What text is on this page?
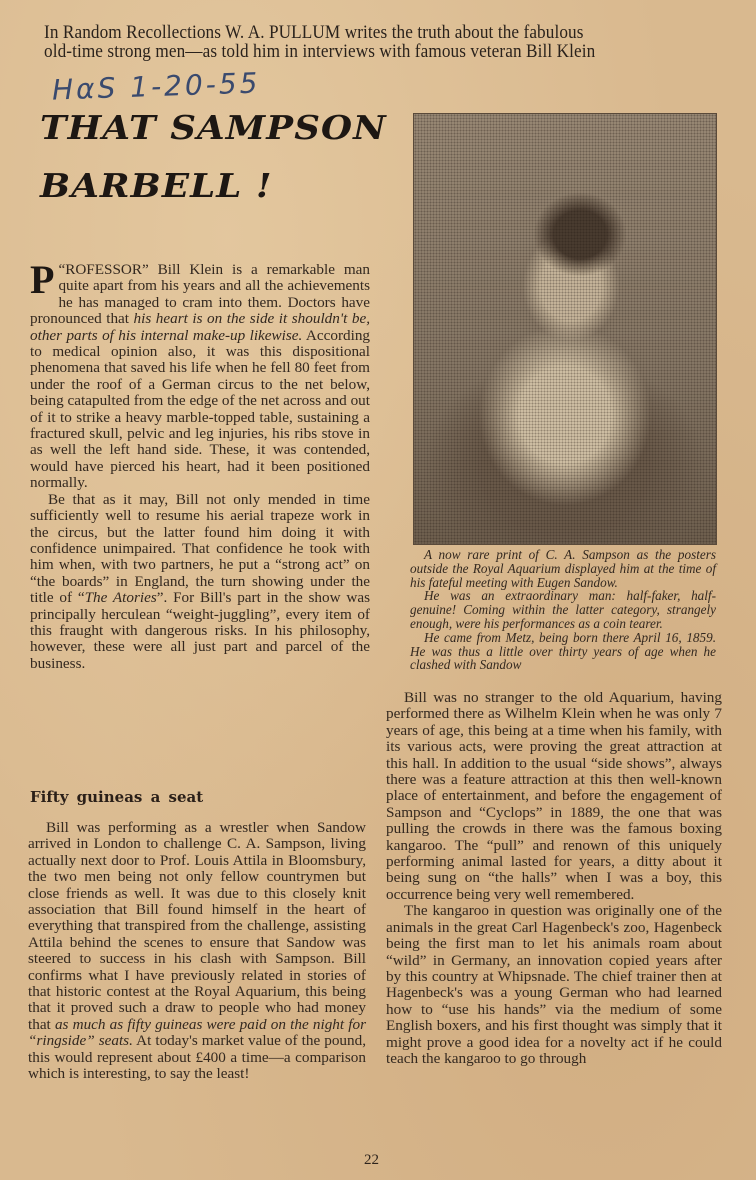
In Random Recollections W. A. PULLUM writes the truth about the fabulous
old-time strong men—as told him in interviews with famous veteran Bill Klein
HαS 1-20-55
THAT SAMPSON
BARBELL !

“
P ROFESSOR” Bill Klein is a remarkable man quite apart from his years and all the achievements he has managed to cram into them. Doctors have pronounced that his heart is on the side it shouldn't be, other parts of his internal make-up likewise. According to medical opinion also, it was this dispositional phenomena that saved his life when he fell 80 feet from under the roof of a German circus to the net below, being catapulted from the edge of the net across and out of it to strike a heavy marble-topped table, sustaining a fractured skull, pelvic and leg injuries, his ribs stove in as well the left hand side. These, it was contended, would have pierced his heart, had it been positioned normally.

Be that as it may, Bill not only mended in time sufficiently well to resume his aerial trapeze work in the circus, but the latter found him doing it with confidence unimpaired. That confidence he took with him when, with two partners, he put a “strong act” on “the boards” in England, the turn showing under the title of “The Atories”. For Bill's part in the show was principally herculean “weight-juggling”, every item of this fraught with dangerous risks. In his philosophy, however, these were all just part and parcel of the business.

Fifty guineas a seat

Bill was performing as a wrestler when Sandow arrived in London to challenge C. A. Sampson, living actually next door to Prof. Louis Attila in Bloomsbury, the two men being not only fellow countrymen but close friends as well. It was due to this closely knit association that Bill found himself in the heart of everything that transpired from the challenge, assisting Attila behind the scenes to ensure that Sandow was steered to success in his clash with Sampson. Bill confirms what I have previously related in stories of that historic contest at the Royal Aquarium, this being that it proved such a draw to people who had money that as much as fifty guineas were paid on the night for “ringside” seats. At today's market value of the pound, this would represent about £400 a time—a comparison which is interesting, to say the least!

A now rare print of C. A. Sampson as the posters outside the Royal Aquarium displayed him at the time of his fateful meeting with Eugen Sandow.

He was an extraordinary man: half-faker, half-genuine! Coming within the latter category, strangely enough, were his performances as a coin tearer.

He came from Metz, being born there April 16, 1859. He was thus a little over thirty years of age when he clashed with Sandow

Bill was no stranger to the old Aquarium, having performed there as Wilhelm Klein when he was only 7 years of age, this being at a time when his family, with its various acts, were proving the great attraction at this hall. In addition to the usual “side shows”, always there was a feature attraction at this then well-known place of entertainment, and before the engagement of Sampson and “Cyclops” in 1889, the one that was pulling the crowds in there was the famous boxing kangaroo. The “pull” and renown of this uniquely performing animal lasted for years, a ditty about it being sung on “the halls” when I was a boy, this occurrence being very well remembered.

The kangaroo in question was originally one of the animals in the great Carl Hagenbeck's zoo, Hagenbeck being the first man to let his animals roam about “wild” in Germany, an innovation copied years after by this country at Whipsnade. The chief trainer then at Hagenbeck's was a young German who had learned how to “use his hands” via the medium of some English boxers, and his first thought was simply that it might prove a good idea for a novelty act if he could teach the kangaroo to go through

22
